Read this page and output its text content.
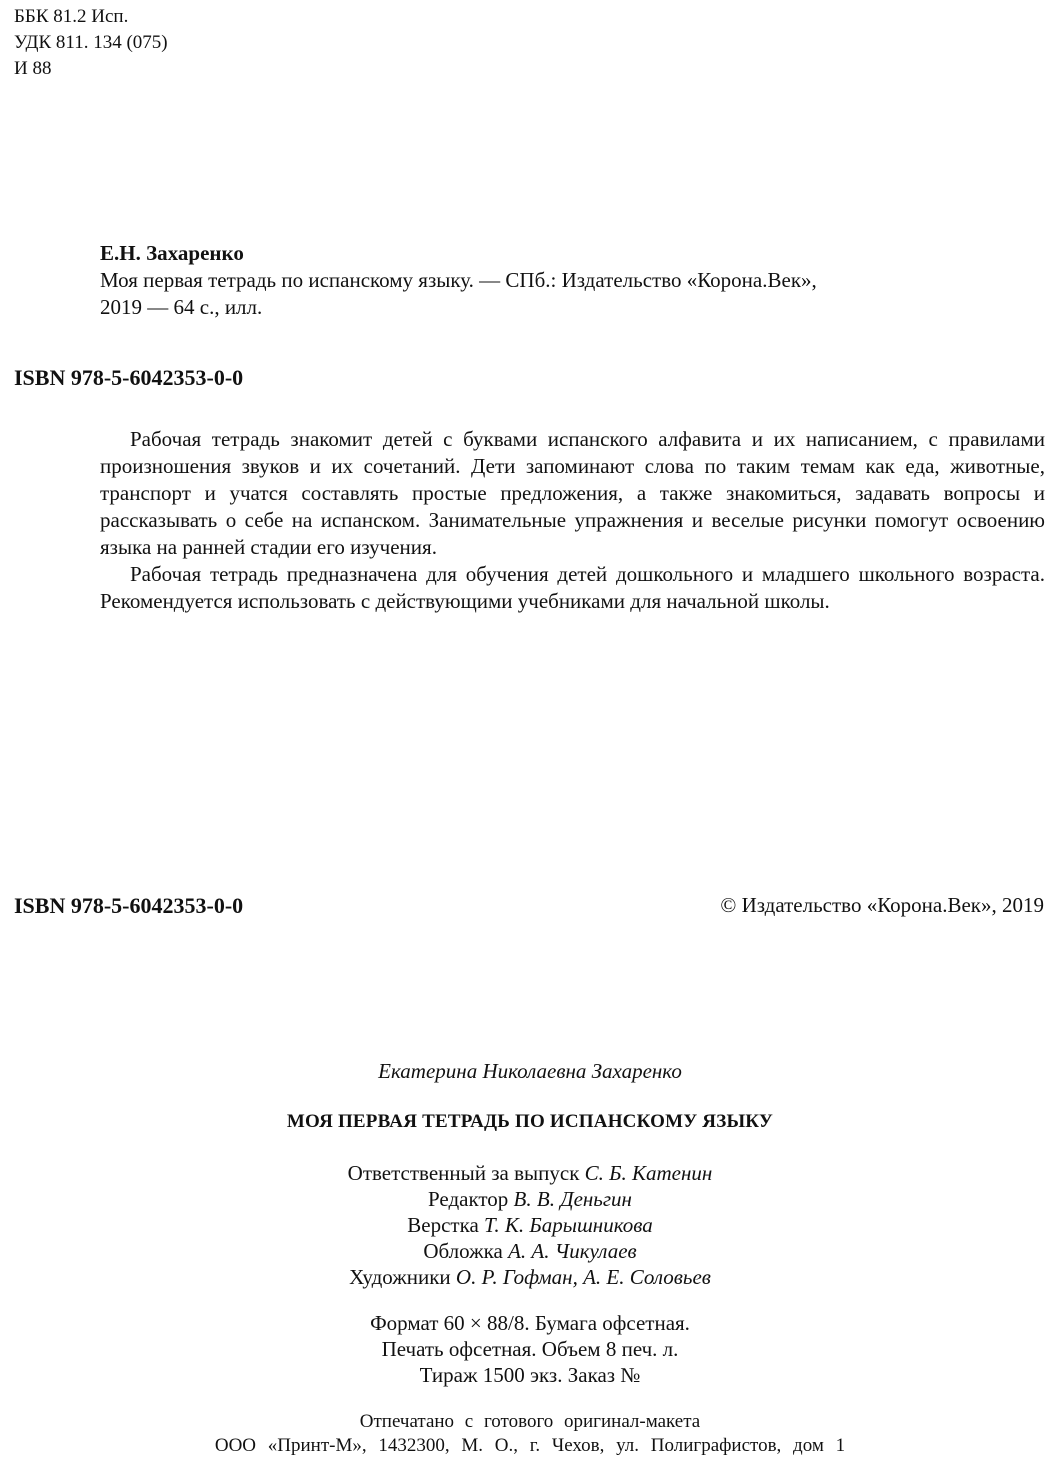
ББК 81.2 Исп.
УДК 811. 134 (075)
И 88
Е.Н. Захаренко
Моя первая тетрадь по испанскому языку. — СПб.: Издательство «Корона.Век»,
2019 — 64 с., илл.
ISBN 978-5-6042353-0-0

Рабочая тетрадь знакомит детей с буквами испанского алфавита и их написанием, с правилами произношения звуков и их сочетаний. Дети запоминают слова по таким темам как еда, животные, транспорт и учатся составлять простые предложения, а также знакомиться, задавать вопросы и рассказывать о себе на испанском. Занимательные упражнения и веселые рисунки помогут освоению языка на ранней стадии его изучения.

Рабочая тетрадь предназначена для обучения детей дошкольного и младшего школьного возраста. Рекомендуется использовать с действующими учебниками для начальной школы.

ISBN 978-5-6042353-0-0	© Издательство «Корона.Век», 2019
Екатерина Николаевна Захаренко
МОЯ ПЕРВАЯ ТЕТРАДЬ ПО ИСПАНСКОМУ ЯЗЫКУ
Ответственный за выпуск С. Б. Катенин
Редактор В. В. Деньгин
Верстка Т. К. Барышникова
Обложка А. А. Чикулаев
Художники О. Р. Гофман, А. Е. Соловьев
Формат 60 × 88/8. Бумага офсетная.
Печать офсетная. Объем 8 печ. л.
Тираж 1500 экз. Заказ №
Отпечатано с готового оригинал-макета
ООО «Принт-М», 1432300, М. О., г. Чехов, ул. Полиграфистов, дом 1
